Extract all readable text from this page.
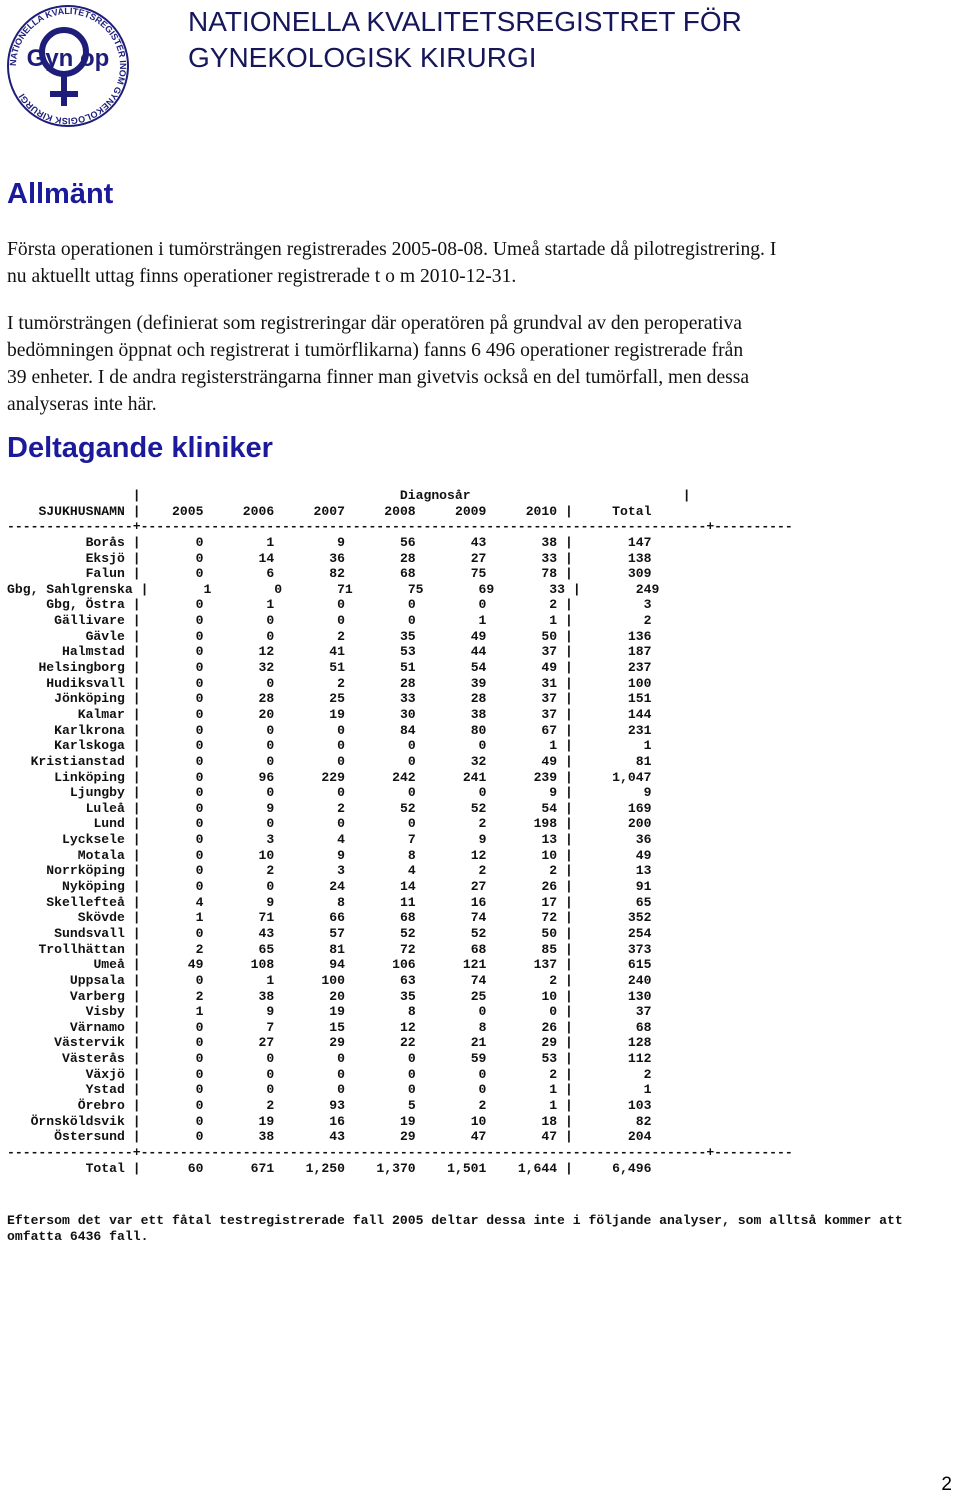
NATIONELLA KVALITETSREGISTER INOM GYNEKOLOGISK KIRURGI
Gyn op
NATIONELLA KVALITETSREGISTRET FÖR
GYNEKOLOGISK KIRURGI
Allmänt

Första operationen i tumörsträngen registrerades 2005-08-08. Umeå startade då pilotregistrering. I
nu aktuellt uttag finns operationer registrerade t o m 2010-12-31.

I tumörsträngen (definierat som registreringar där operatören på grundval av den peroperativa
bedömningen öppnat och registrerat i tumörflikarna) fanns 6 496 operationer registrerade från
39 enheter. I de andra registersträngarna finner man givetvis också en del tumörfall, men dessa
analyseras inte här.

Deltagande kliniker
|                                 Diagnosår                           |
SJUKHUSNAMN | 2005	2006	2007	2008	2009	2010 |	Total
----------------+------------------------------------------------------------------------+----------
Borås |	0	1	9	56	43	38 |	147
Eksjö |	0	14	36	28	27	33 |	138
Falun |	0	6	82	68	75	78 |	309
Gbg, Sahlgrenska |	1	0	71	75	69	33 |	249
Gbg, Östra |	0	1	0	0	0	2 |	3
Gällivare |	0	0	0	0	1	1 |	2
Gävle |	0	0	2	35	49	50 |	136
Halmstad |	0	12	41	53	44	37 |	187
Helsingborg |	0	32	51	51	54	49 |	237
Hudiksvall |	0	0	2	28	39	31 |	100
Jönköping |	0	28	25	33	28	37 |	151
Kalmar |	0	20	19	30	38	37 |	144
Karlkrona |	0	0	0	84	80	67 |	231
Karlskoga |	0	0	0	0	0	1 |	1
Kristianstad |	0	0	0	0	32	49 |	81
Linköping |	0	96	229	242	241	239 |	1,047
Ljungby |	0	0	0	0	0	9 |	9
Luleå |	0	9	2	52	52	54 |	169
Lund |	0	0	0	0	2	198 |	200
Lycksele |	0	3	4	7	9	13 |	36
Motala |	0	10	9	8	12	10 |	49
Norrköping |	0	2	3	4	2	2 |	13
Nyköping |	0	0	24	14	27	26 |	91
Skellefteå |	4	9	8	11	16	17 |	65
Skövde |	1	71	66	68	74	72 |	352
Sundsvall |	0	43	57	52	52	50 |	254
Trollhättan |	2	65	81	72	68	85 |	373
Umeå |	49	108	94	106	121	137 |	615
Uppsala |	0	1	100	63	74	2 |	240
Varberg |	2	38	20	35	25	10 |	130
Visby |	1	9	19	8	0	0 |	37
Värnamo |	0	7	15	12	8	26 |	68
Västervik |	0	27	29	22	21	29 |	128
Västerås |	0	0	0	0	59	53 |	112
Växjö |	0	0	0	0	0	2 |	2
Ystad |	0	0	0	0	0	1 |	1
Örebro |	0	2	93	5	2	1 |	103
Örnsköldsvik |	0	19	16	19	10	18 |	82
Östersund |	0	38	43	29	47	47 |	204
----------------+------------------------------------------------------------------------+----------
Total |	60	671 1,250 1,370 1,501 1,644 |	6,496

Eftersom det var ett fåtal testregistrerade fall 2005 deltar dessa inte i följande analyser, som alltså kommer att
omfatta 6436 fall.

2
